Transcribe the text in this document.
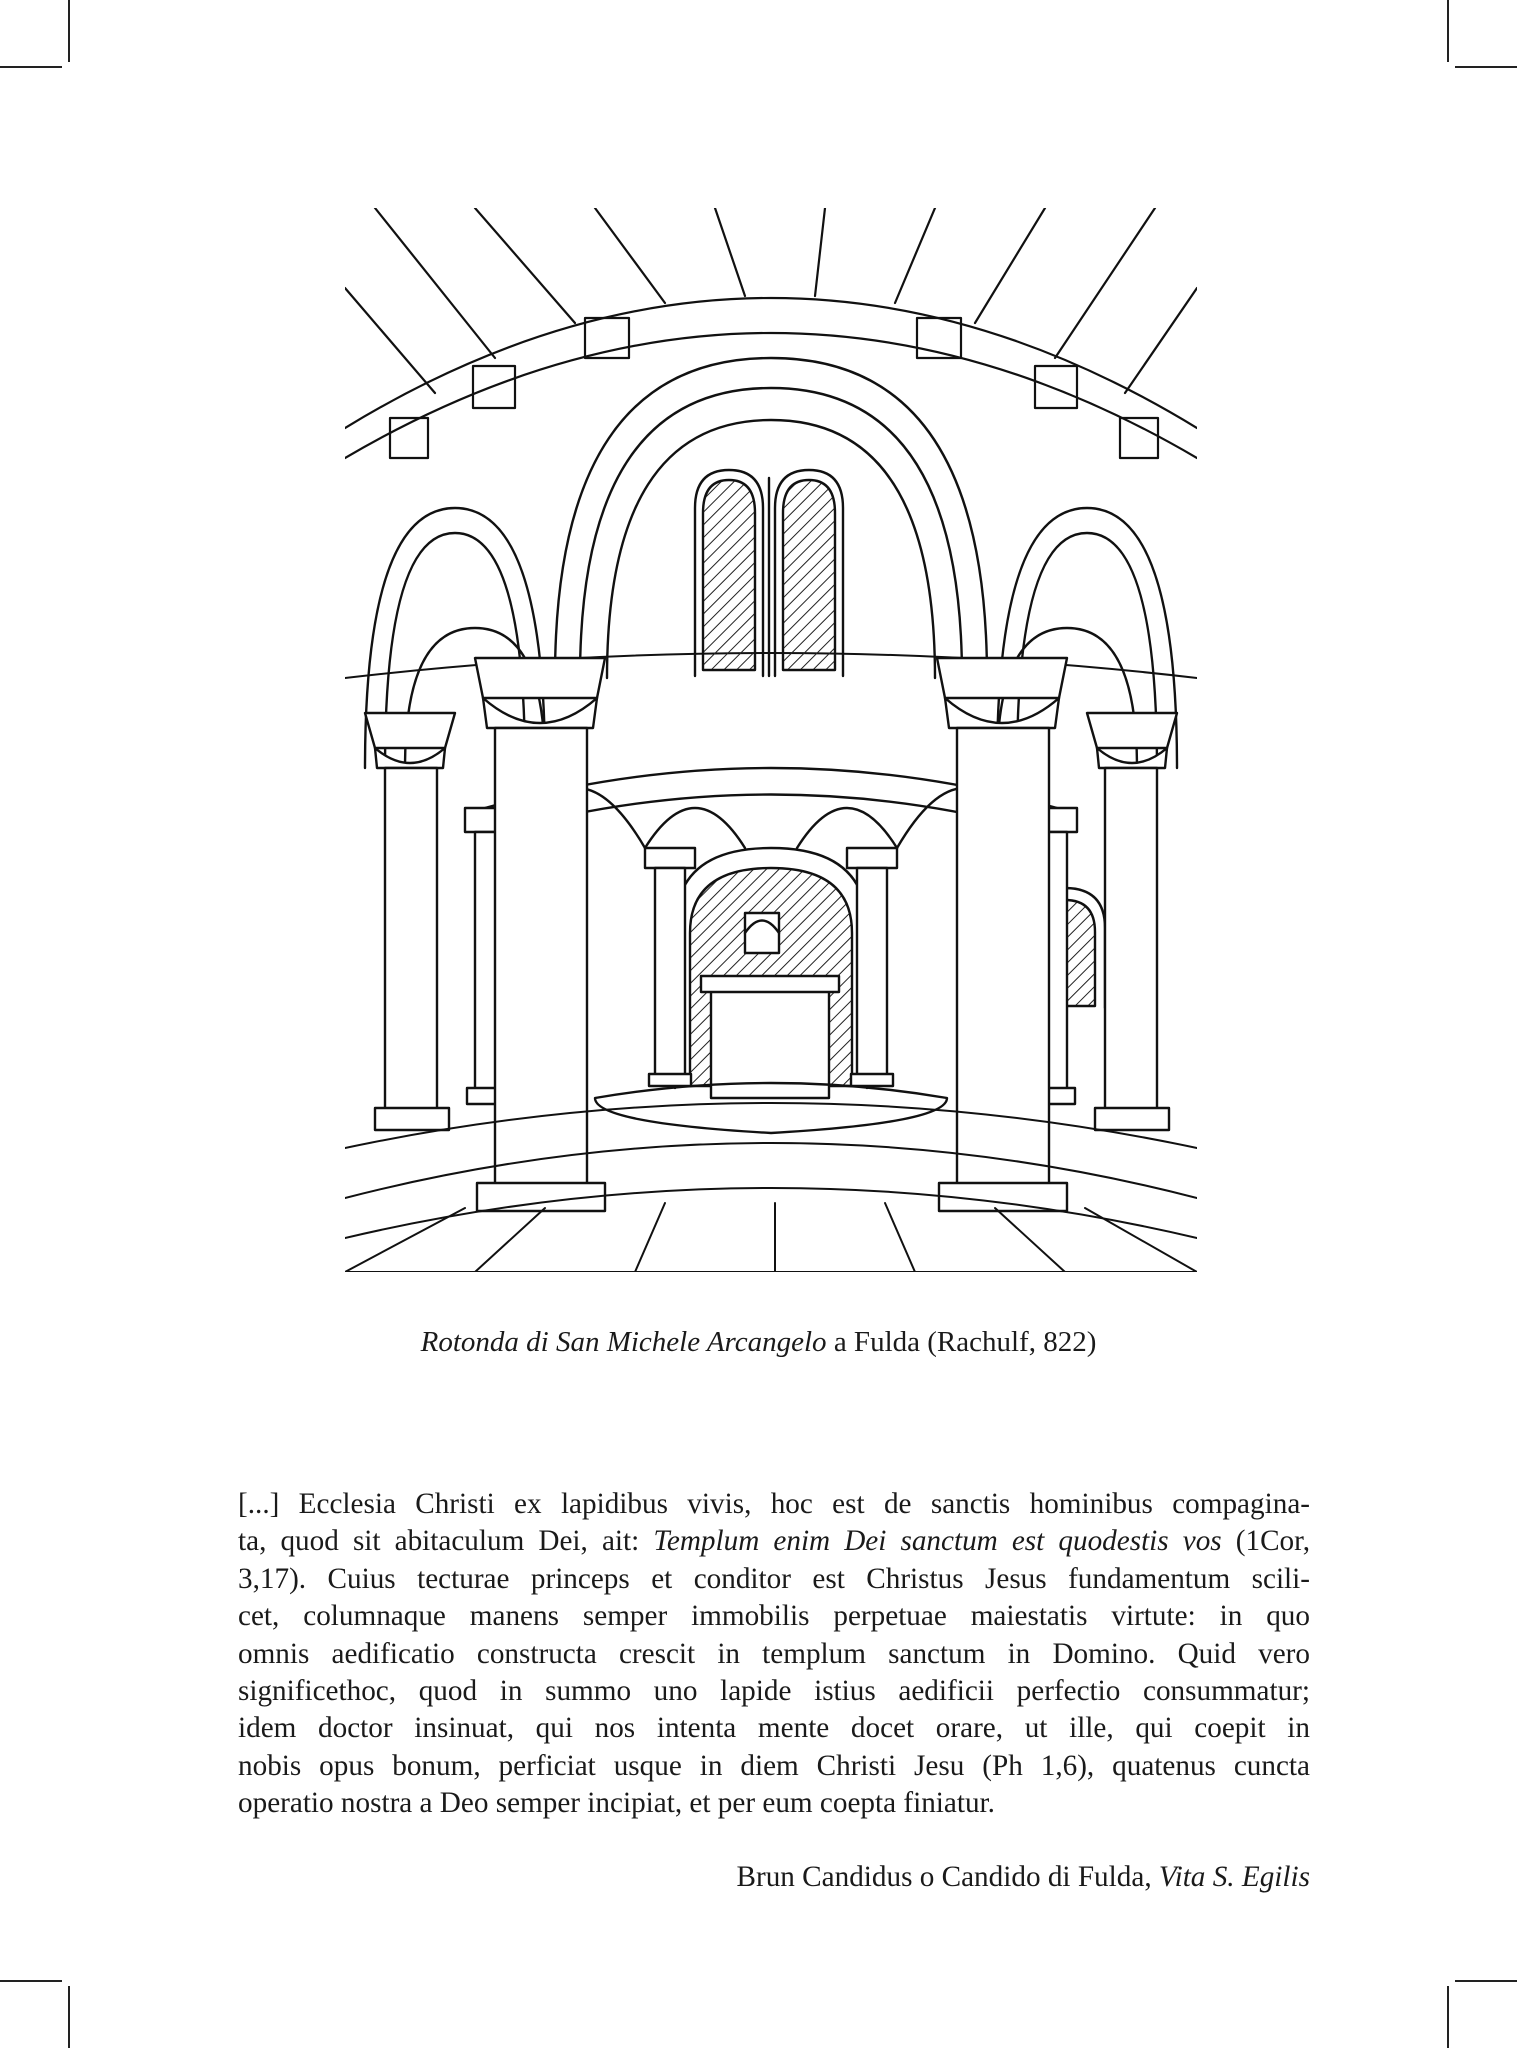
Rotonda di San Michele Arcangelo a Fulda (Rachulf, 822)
[...] Ecclesia Christi ex lapidibus vivis, hoc est de sanctis hominibus compagina-
ta, quod sit abitaculum Dei, ait: Templum enim Dei sanctum est quodestis vos (1Cor,
3,17). Cuius tecturae princeps et conditor est Christus Jesus fundamentum scili-
cet, columnaque manens semper immobilis perpetuae maiestatis virtute: in quo
omnis aedificatio constructa crescit in templum sanctum in Domino. Quid vero
significethoc, quod in summo uno lapide istius aedificii perfectio consummatur;
idem doctor insinuat, qui nos intenta mente docet orare, ut ille, qui coepit in
nobis opus bonum, perficiat usque in diem Christi Jesu (Ph 1,6), quatenus cuncta
operatio nostra a Deo semper incipiat, et per eum coepta finiatur.
Brun Candidus o Candido di Fulda, Vita S. Egilis
